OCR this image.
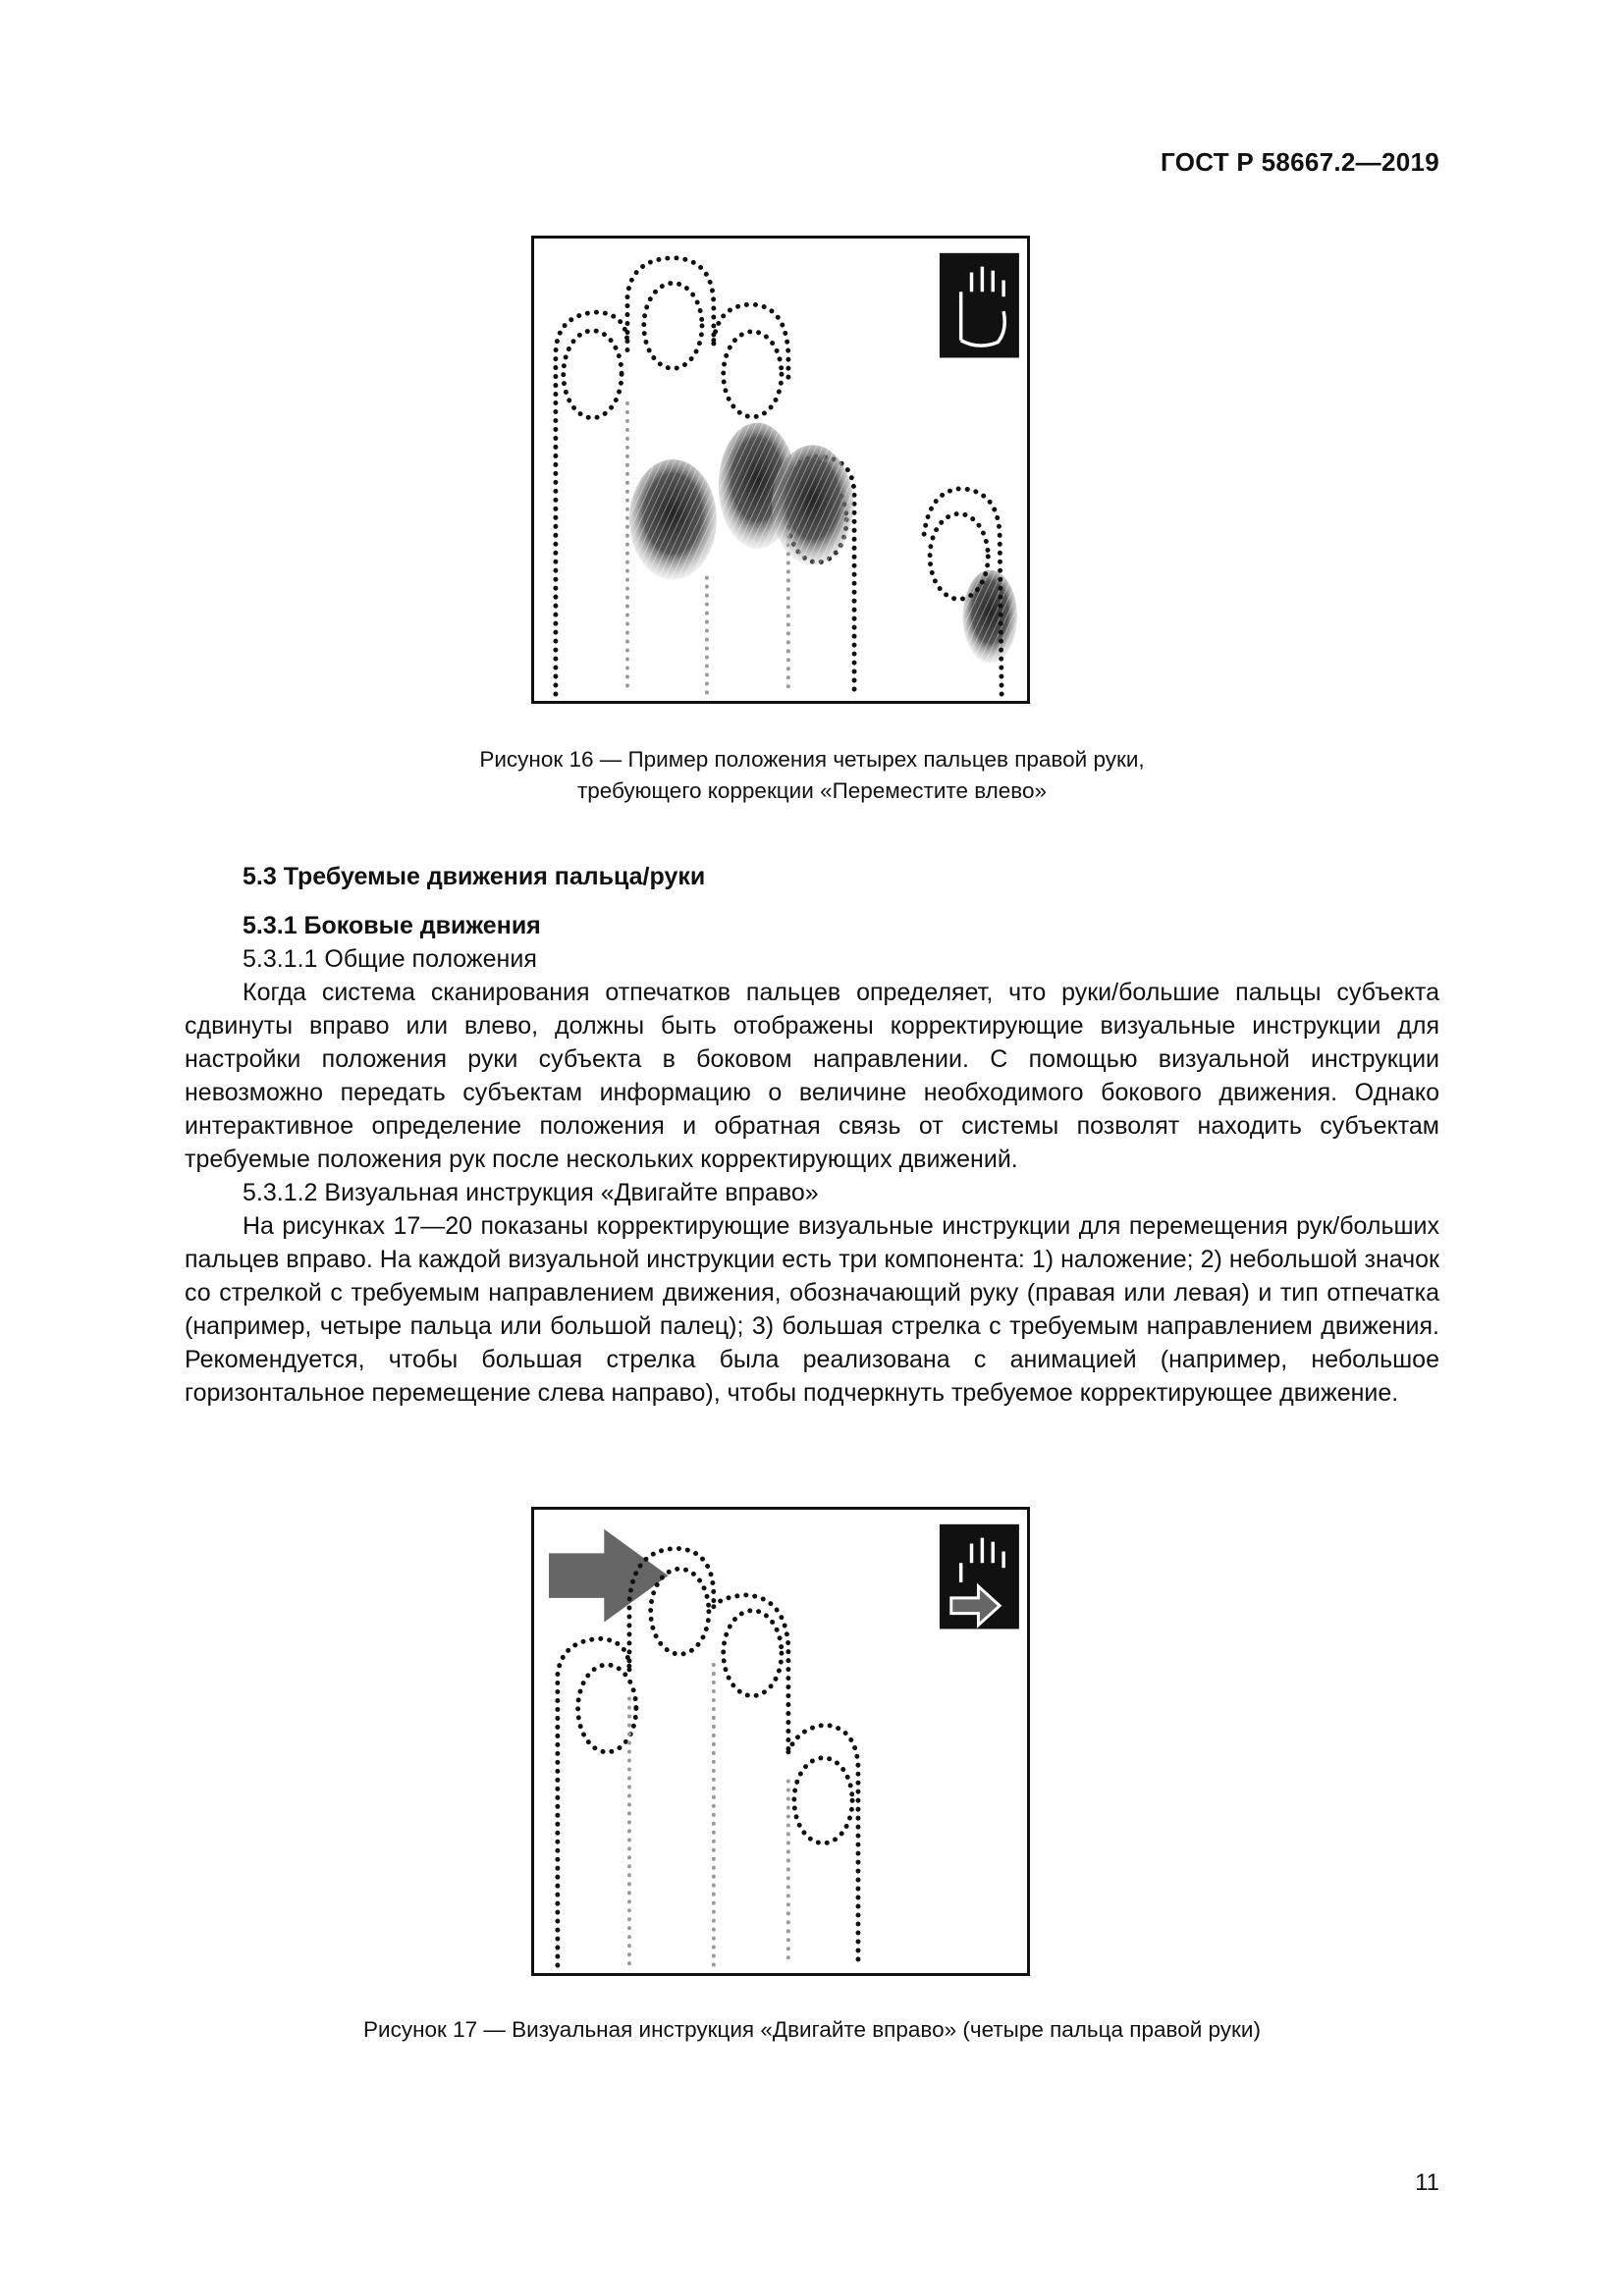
ГОСТ Р 58667.2—2019
Рисунок 16 — Пример положения четырех пальцев правой руки,
требующего коррекции «Переместите влево»
5.3 Требуемые движения пальца/руки
5.3.1 Боковые движения
5.3.1.1 Общие положения

Когда система сканирования отпечатков пальцев определяет, что руки/большие пальцы субъекта сдвинуты вправо или влево, должны быть отображены корректирующие визуальные инструкции для настройки положения руки субъекта в боковом направлении. С помощью визуальной инструкции невозможно передать субъектам информацию о величине необходимого бокового движения. Однако интерактивное определение положения и обратная связь от системы позволят находить субъектам требуемые положения рук после нескольких корректирующих движений.

5.3.1.2 Визуальная инструкция «Двигайте вправо»

На рисунках 17—20 показаны корректирующие визуальные инструкции для перемещения рук/больших пальцев вправо. На каждой визуальной инструкции есть три компонента: 1) наложение; 2) небольшой значок со стрелкой с требуемым направлением движения, обозначающий руку (правая или левая) и тип отпечатка (например, четыре пальца или большой палец); 3) большая стрелка с требуемым направлением движения. Рекомендуется, чтобы большая стрелка была реализована с анимацией (например, небольшое горизонтальное перемещение слева направо), чтобы подчеркнуть требуемое корректирующее движение.

Рисунок 17 — Визуальная инструкция «Двигайте вправо» (четыре пальца правой руки)
11
